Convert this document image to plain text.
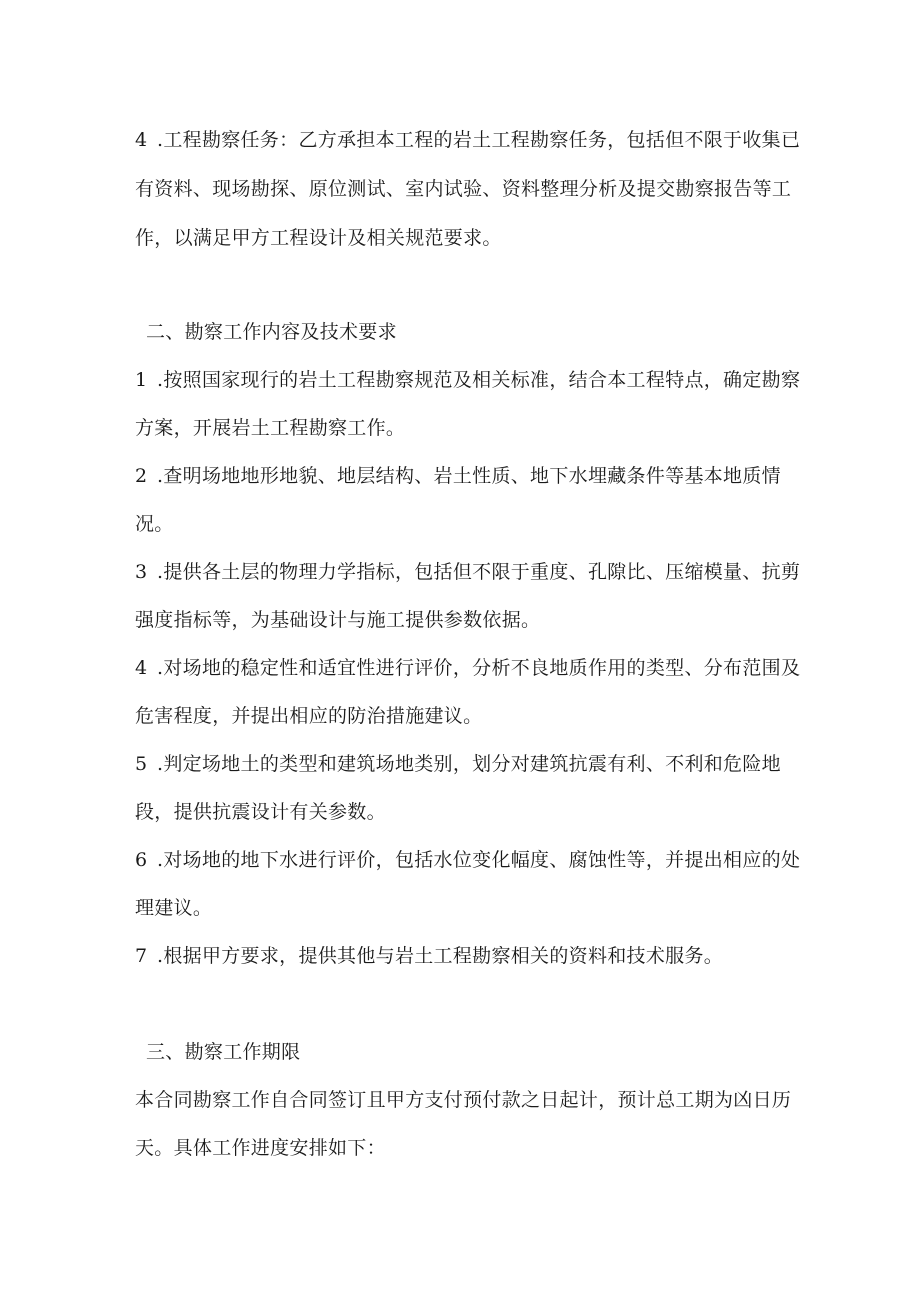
4 .工程勘察任务：乙方承担本工程的岩土工程勘察任务，包括但不限于收集已
有资料、现场勘探、原位测试、室内试验、资料整理分析及提交勘察报告等工
作，以满足甲方工程设计及相关规范要求。
二、勘察工作内容及技术要求
1 .按照国家现行的岩土工程勘察规范及相关标准，结合本工程特点，确定勘察
方案，开展岩土工程勘察工作。
2 .查明场地地形地貌、地层结构、岩土性质、地下水埋藏条件等基本地质情
况。
3 .提供各土层的物理力学指标，包括但不限于重度、孔隙比、压缩模量、抗剪
强度指标等，为基础设计与施工提供参数依据。
4 .对场地的稳定性和适宜性进行评价，分析不良地质作用的类型、分布范围及
危害程度，并提出相应的防治措施建议。
5 .判定场地土的类型和建筑场地类别，划分对建筑抗震有利、不利和危险地
段，提供抗震设计有关参数。
6 .对场地的地下水进行评价，包括水位变化幅度、腐蚀性等，并提出相应的处
理建议。
7 .根据甲方要求，提供其他与岩土工程勘察相关的资料和技术服务。
三、勘察工作期限
本合同勘察工作自合同签订且甲方支付预付款之日起计，预计总工期为凶日历
天。具体工作进度安排如下：
